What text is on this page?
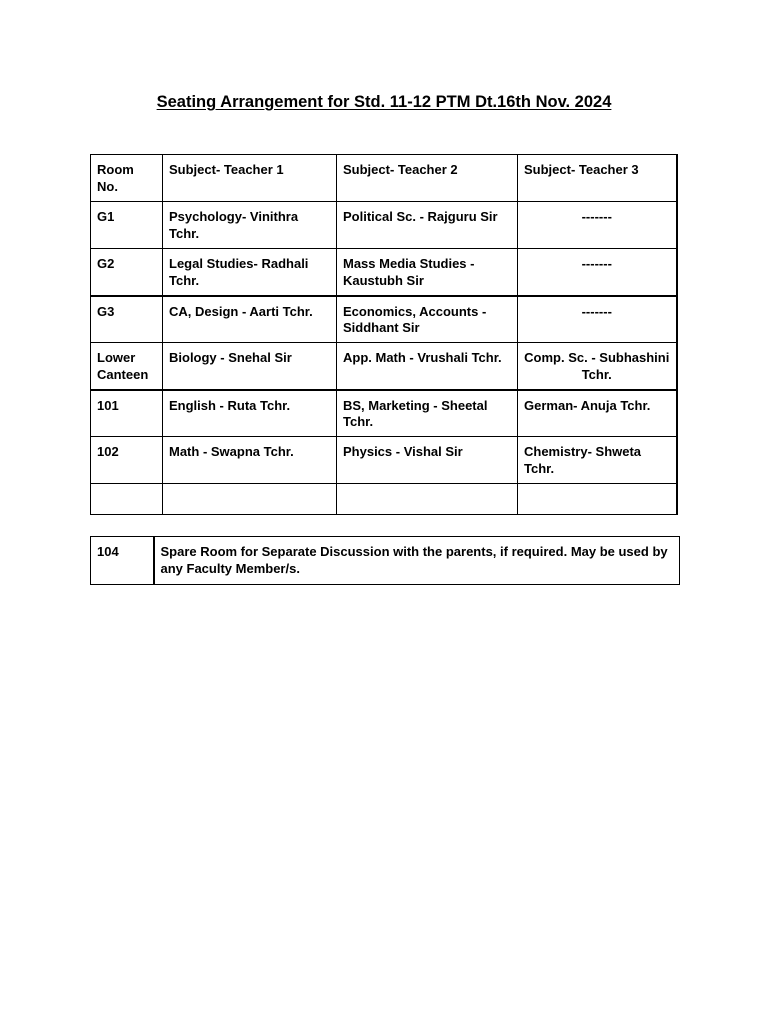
Seating Arrangement for Std. 11-12 PTM Dt.16th Nov. 2024
Room No.	Subject- Teacher 1	Subject- Teacher 2	Subject- Teacher 3
G1	Psychology- Vinithra Tchr.	Political Sc. - Rajguru Sir	-------
G2	Legal Studies- Radhali Tchr.	Mass Media Studies - Kaustubh Sir	-------
G3	CA, Design - Aarti Tchr.	Economics, Accounts -Siddhant Sir	-------
Lower Canteen	Biology - Snehal Sir	App. Math - Vrushali Tchr.	Comp. Sc. - Subhashini Tchr.
101	English - Ruta Tchr.	BS, Marketing - Sheetal Tchr.	German- Anuja Tchr.
102	Math - Swapna Tchr.	Physics - Vishal Sir	Chemistry- Shweta Tchr.

104	Spare Room for Separate Discussion with the parents, if required. May be used by any Faculty Member/s.
